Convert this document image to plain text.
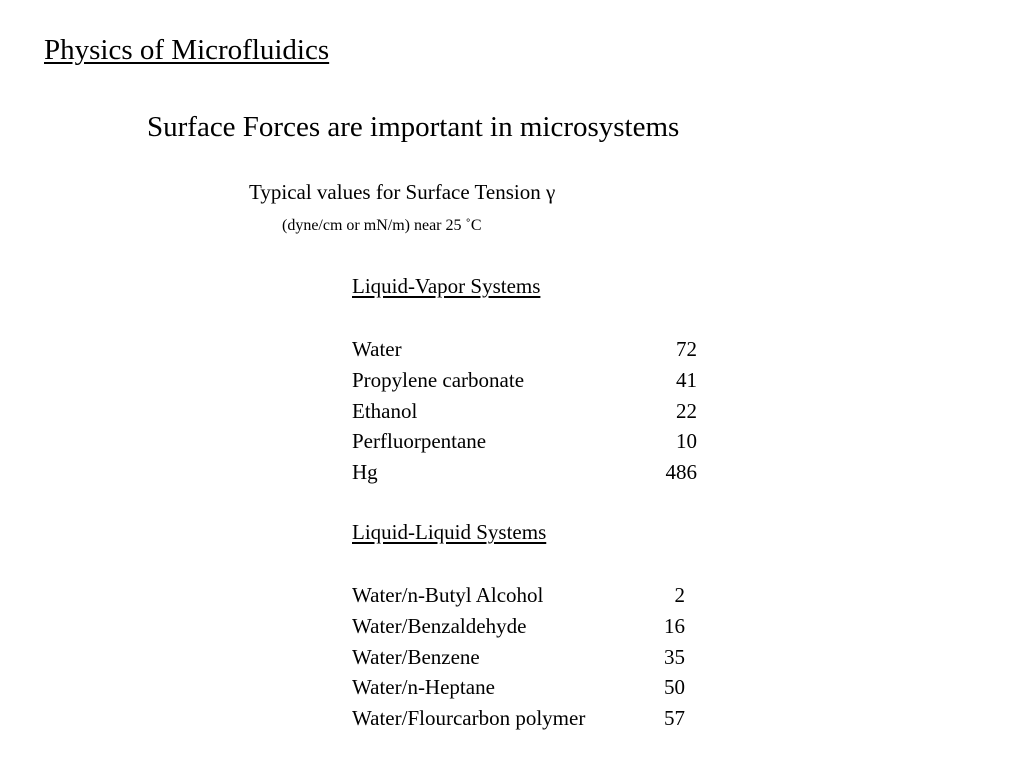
Physics of Microfluidics
Surface Forces are important in microsystems
Typical values for Surface Tension γ
(dyne/cm or mN/m) near 25 ˚C
Liquid-Vapor Systems
Water	72
Propylene carbonate	41
Ethanol	22
Perfluorpentane	10
Hg	486
Liquid-Liquid Systems
Water/n-Butyl Alcohol	2
Water/Benzaldehyde	16
Water/Benzene	35
Water/n-Heptane	50
Water/Flourcarbon polymer	57
